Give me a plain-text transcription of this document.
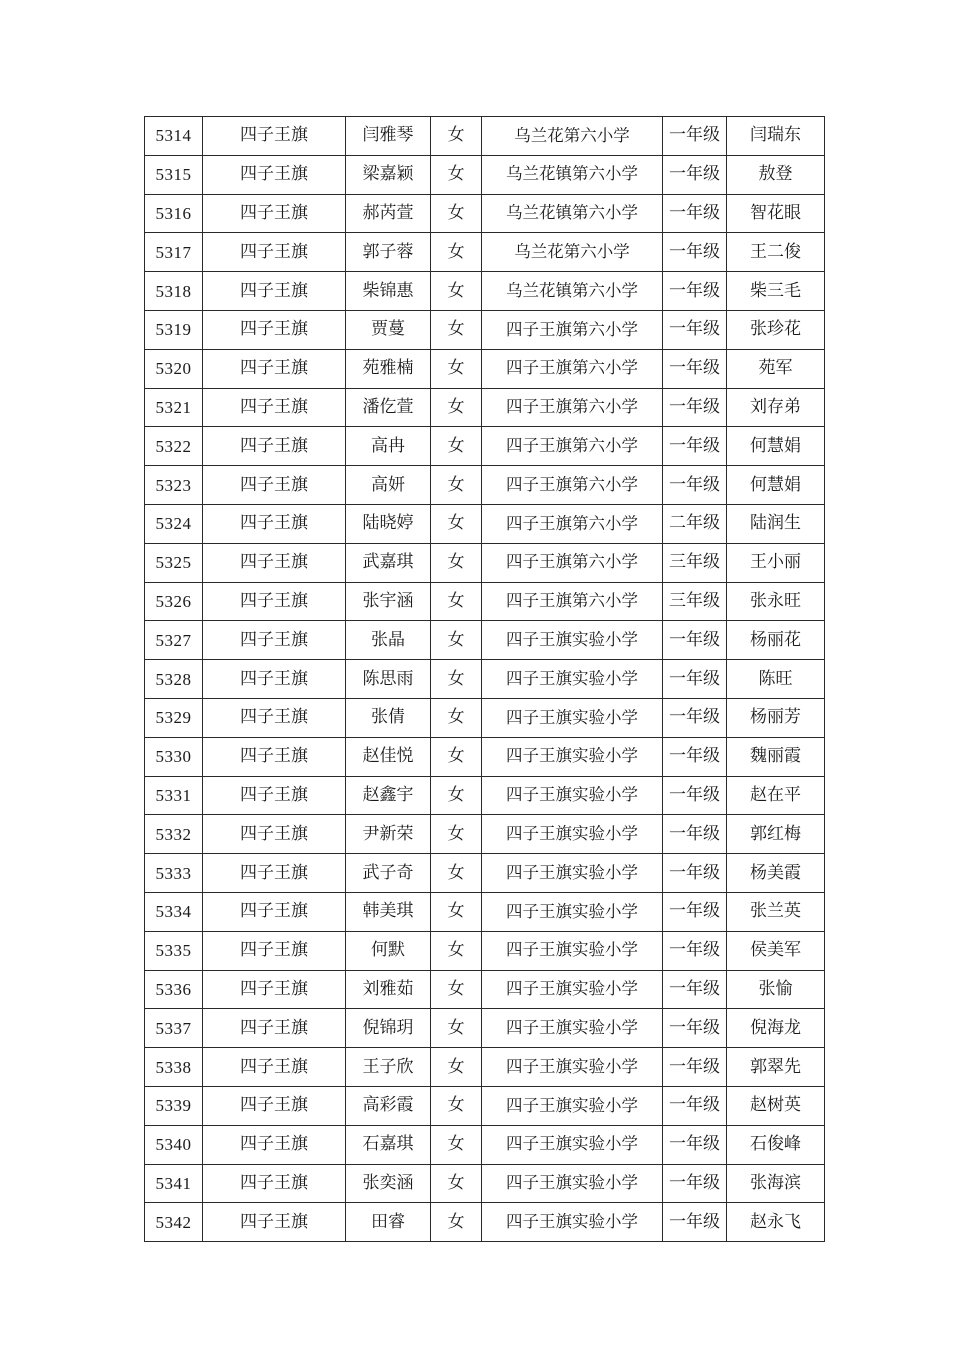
5314	四子王旗	闫雅琴	女	乌兰花第六小学	一年级	闫瑞东
5315	四子王旗	梁嘉颖	女	乌兰花镇第六小学	一年级	敖登
5316	四子王旗	郝芮萱	女	乌兰花镇第六小学	一年级	智花眼
5317	四子王旗	郭子蓉	女	乌兰花第六小学	一年级	王二俊
5318	四子王旗	柴锦惠	女	乌兰花镇第六小学	一年级	柴三毛
5319	四子王旗	贾蔓	女	四子王旗第六小学	一年级	张珍花
5320	四子王旗	苑雅楠	女	四子王旗第六小学	一年级	苑军
5321	四子王旗	潘仡萱	女	四子王旗第六小学	一年级	刘存弟
5322	四子王旗	高冉	女	四子王旗第六小学	一年级	何慧娟
5323	四子王旗	高妍	女	四子王旗第六小学	一年级	何慧娟
5324	四子王旗	陆晓婷	女	四子王旗第六小学	二年级	陆润生
5325	四子王旗	武嘉琪	女	四子王旗第六小学	三年级	王小丽
5326	四子王旗	张宇涵	女	四子王旗第六小学	三年级	张永旺
5327	四子王旗	张晶	女	四子王旗实验小学	一年级	杨丽花
5328	四子王旗	陈思雨	女	四子王旗实验小学	一年级	陈旺
5329	四子王旗	张倩	女	四子王旗实验小学	一年级	杨丽芳
5330	四子王旗	赵佳悦	女	四子王旗实验小学	一年级	魏丽霞
5331	四子王旗	赵鑫宇	女	四子王旗实验小学	一年级	赵在平
5332	四子王旗	尹新荣	女	四子王旗实验小学	一年级	郭红梅
5333	四子王旗	武子奇	女	四子王旗实验小学	一年级	杨美霞
5334	四子王旗	韩美琪	女	四子王旗实验小学	一年级	张兰英
5335	四子王旗	何默	女	四子王旗实验小学	一年级	侯美军
5336	四子王旗	刘雅茹	女	四子王旗实验小学	一年级	张愉
5337	四子王旗	倪锦玥	女	四子王旗实验小学	一年级	倪海龙
5338	四子王旗	王子欣	女	四子王旗实验小学	一年级	郭翠先
5339	四子王旗	高彩霞	女	四子王旗实验小学	一年级	赵树英
5340	四子王旗	石嘉琪	女	四子王旗实验小学	一年级	石俊峰
5341	四子王旗	张奕涵	女	四子王旗实验小学	一年级	张海滨
5342	四子王旗	田睿	女	四子王旗实验小学	一年级	赵永飞
